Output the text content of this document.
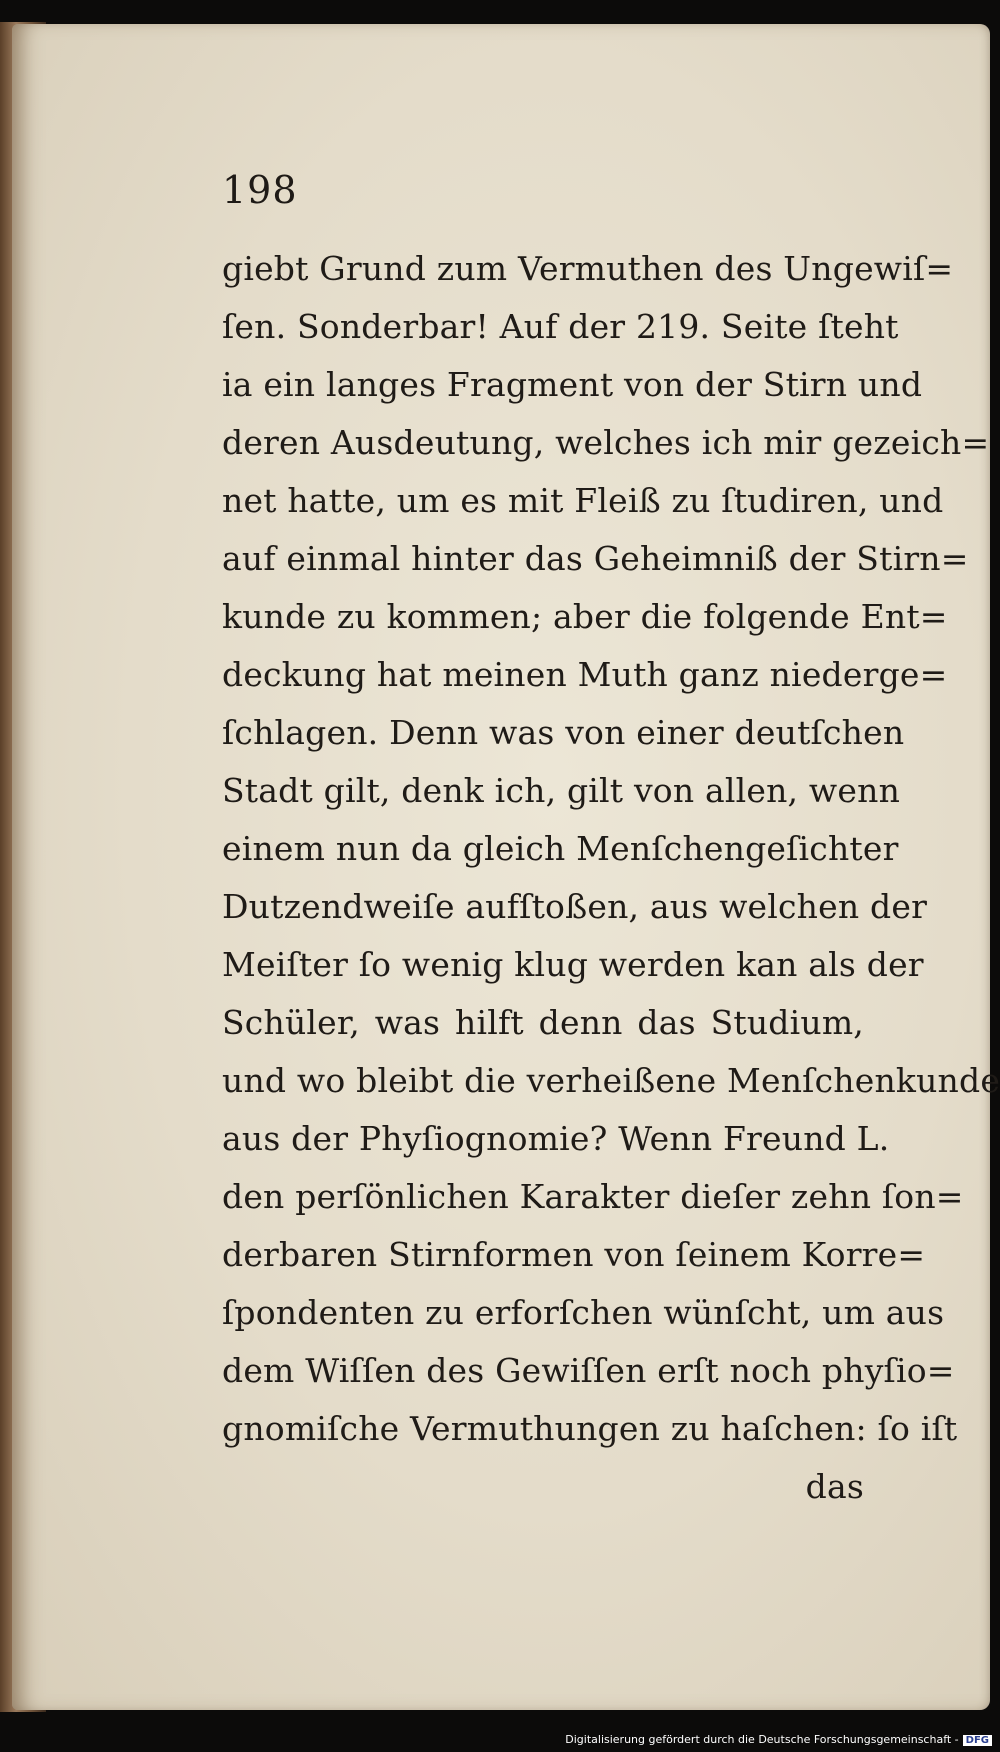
198
giebt Grund zum Vermuthen des Ungewiſ=
ſen. Sonderbar! Auf der 219. Seite ſteht
ia ein langes Fragment von der Stirn und
deren Ausdeutung, welches ich mir gezeich=
net hatte, um es mit Fleiß zu ſtudiren, und
auf einmal hinter das Geheimniß der Stirn=
kunde zu kommen; aber die folgende Ent=
deckung hat meinen Muth ganz niederge=
ſchlagen. Denn was von einer deutſchen
Stadt gilt, denk ich, gilt von allen, wenn
einem nun da gleich Menſchengeſichter
Dutzendweiſe aufſtoßen, aus welchen der
Meiſter ſo wenig klug werden kan als der
Schüler, was hilft denn das Studium,
und wo bleibt die verheißene Menſchenkunde
aus der Phyſiognomie? Wenn Freund L.
den perſönlichen Karakter dieſer zehn ſon=
derbaren Stirnformen von ſeinem Korre=
ſpondenten zu erforſchen wünſcht, um aus
dem Wiſſen des Gewiſſen erſt noch phyſio=
gnomiſche Vermuthungen zu haſchen: ſo iſt
das
Digitalisierung gefördert durch die Deutsche Forschungsgemeinschaft - DFG
